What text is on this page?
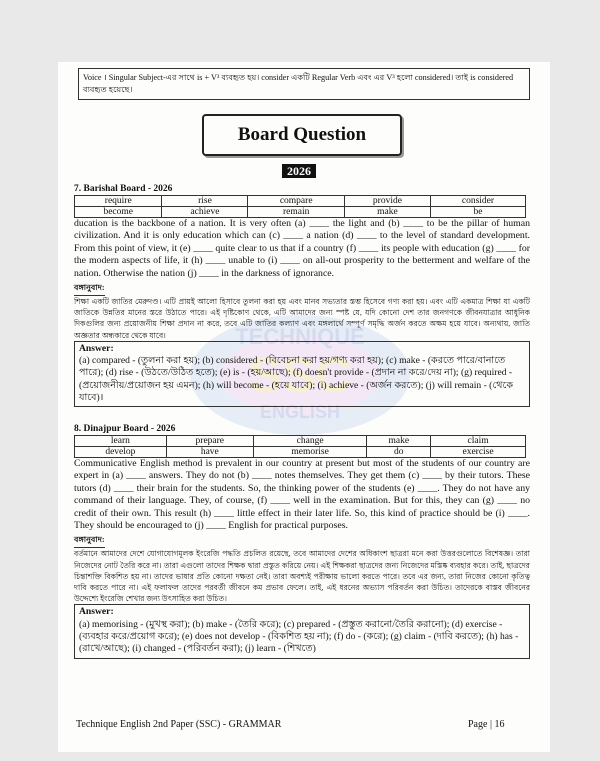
TECHNIQUE
SSC
ENGLISH
Voice । Singular Subject-এর সাথে is + V³ ব্যবহৃত হয়। consider একটি Regular Verb এবং এর V³ হলো considered। তাই is considered ব্যবহৃত হয়েছে।
Board Question
2026
7. Barishal Board - 2026
require	rise	compare	provide	consider
become	achieve	remain	make	be
ducation is the backbone of a nation. It is very often (a) ____ the light and (b) ____ to be the pillar of human civilization. And it is only education which can (c) ____ a nation (d) ____ to the level of standard development. From this point of view, it (e) ____ quite clear to us that if a country (f) ____ its people with education (g) ____ for the modern aspects of life, it (h) ____ unable to (i) ____ on all-out prosperity to the betterment and welfare of the nation. Otherwise the nation (j) ____ in the darkness of ignorance.
বঙ্গানুবাদ:
শিক্ষা একটি জাতির মেরুদণ্ড। এটি প্রায়ই আলো হিসাবে তুলনা করা হয় এবং মানব সভ্যতার স্তম্ভ হিসেবে গণ্য করা হয়। এবং এটি একমাত্র শিক্ষা যা একটি জাতিকে উন্নতির মানের স্তরে উঠাতে পারে। এই দৃষ্টিকোণ থেকে, এটি আমাদের জন্য স্পষ্ট যে, যদি কোনো দেশ তার জনগণকে জীবনযাত্রার আধুনিক দিকগুলির জন্য প্রয়োজনীয় শিক্ষা প্রদান না করে, তবে এটি জাতির কল্যাণ এবং মঙ্গলার্থে সম্পূর্ণ সমৃদ্ধি অর্জন করতে অক্ষম হয়ে যাবে। অন্যথায়, জাতি অজ্ঞতার অন্ধকারে থেকে যাবে।
Answer:
(a) compared - (তুলনা করা হয়); (b) considered - (বিবেচনা করা হয়/গণ্য করা হয়); (c) make - (করতে পারে/বানাতে পারে); (d) rise - (উঠতে/উঠিত হতে); (e) is - (হয়/আছে); (f) doesn't provide - (প্রদান না করে/দেয় না); (g) required - (প্রয়োজনীয়/প্রয়োজন হয় এমন); (h) will become - (হয়ে যাবে); (i) achieve - (অর্জন করতে); (j) will remain - (থেকে যাবে)।
8. Dinajpur Board - 2026
learn	prepare	change	make	claim
develop	have	memorise	do	exercise
Communicative English method is prevalent in our country at present but most of the students of our country are expert in (a) ____ answers. They do not (b) ____ notes themselves. They get them (c) ____ by their tutors. These tutors (d) ____ their brain for the students. So, the thinking power of the students (e) ____. They do not have any command of their language. They, of course, (f) ____ well in the examination. But for this, they can (g) ____ no credit of their own. This result (h) ____ little effect in their later life. So, this kind of practice should be (i) ____. They should be encouraged to (j) ____ English for practical purposes.
বঙ্গানুবাদ:
বর্তমানে আমাদের দেশে যোগাযোগমূলক ইংরেজি পদ্ধতি প্রচলিত রয়েছে, তবে আমাদের দেশের অধিকাংশ ছাত্ররা মনে করা উত্তরগুলোতে বিশেষজ্ঞ। তারা নিজেদের নোট তৈরি করে না। তারা এগুলো তাদের শিক্ষক দ্বারা প্রস্তুত করিয়ে নেয়। এই শিক্ষকরা ছাত্রদের জন্য নিজেদের মস্তিষ্ক ব্যবহার করে। তাই, ছাত্রদের চিন্তাশক্তি বিকশিত হয় না। তাদের ভাষার প্রতি কোনো দক্ষতা নেই। তারা অবশ্যই পরীক্ষায় ভালো করতে পারে। তবে এর জন্য, তারা নিজের কোনো কৃতিত্ব দাবি করতে পারে না। এই ফলাফল তাদের পরবর্তী জীবনে কম প্রভাব ফেলে। তাই, এই ধরনের অভ্যাস পরিবর্তন করা উচিত। তাদেরকে বাস্তব জীবনের উদ্দেশ্যে ইংরেজি শেখার জন্য উৎসাহিত করা উচিত।
Answer:
(a) memorising - (মুখস্থ করা); (b) make - (তৈরি করে); (c) prepared - (প্রস্তুত করানো/তৈরি করানো); (d) exercise - (ব্যবহার করে/প্রয়োগ করে); (e) does not develop - (বিকশিত হয় না); (f) do - (করে); (g) claim - (দাবি করতে); (h) has - (রাখে/আছে); (i) changed - (পরিবর্তন করা); (j) learn - (শিখতে)
Technique English 2nd Paper (SSC) - GRAMMAR	Page | 16
